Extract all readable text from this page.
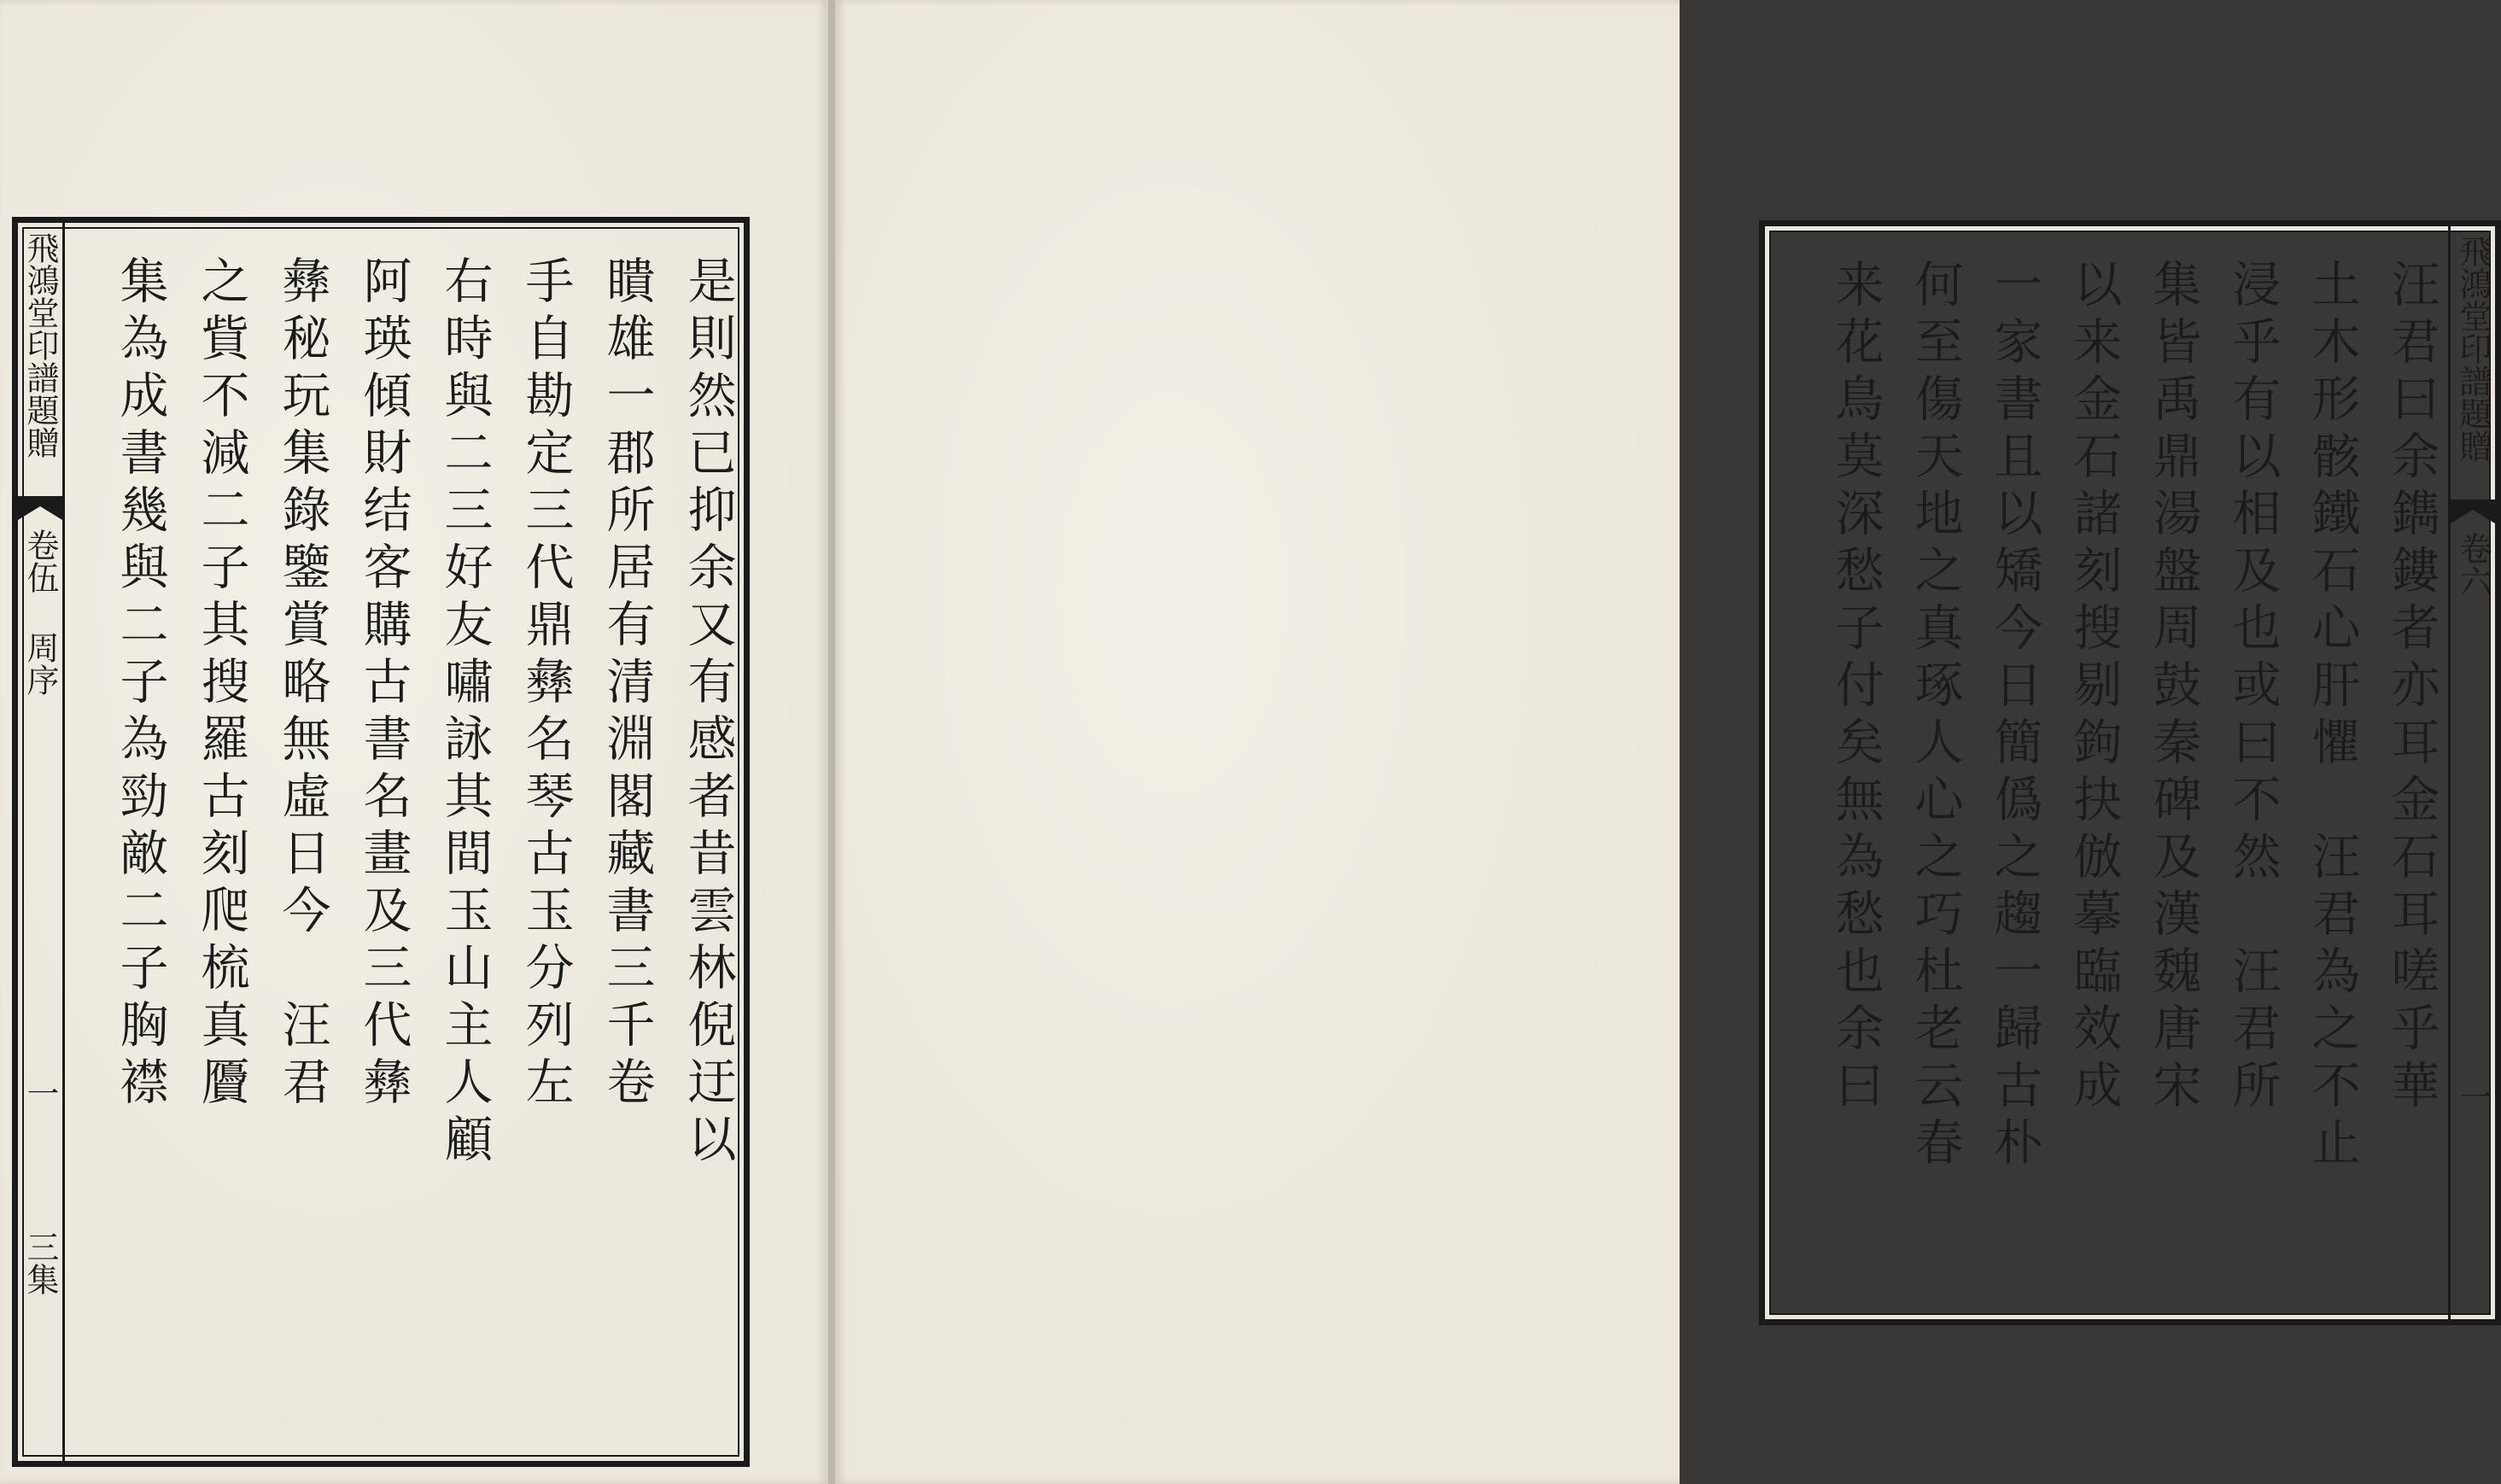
飛鴻堂印譜題贈
卷伍 周序
一
三集
是則然已抑余又有感者昔雲林倪迂以
瞶雄一郡所居有清淵閣藏書三千卷
手自勘定三代鼎彝名琴古玉分列左
右時與二三好友嘯詠其間玉山主人顧
阿瑛傾財结客購古書名畫及三代彝
彝秘玩集錄鑒賞略無虛日今　汪君
之貲不減二子其搜羅古刻爬梳真贗
集為成書幾與二子為勁敵二子胸襟	飛鴻堂印譜題贈
卷六
一
汪君曰余鐫鏤者亦耳金石耳嗟乎華
土木形骸鐵石心肝懼　汪君為之不止
浸乎有以相及也或曰不然　汪君所
集皆禹鼎湯盤周鼓秦碑及漢魏唐宋
以来金石諸刻搜剔鉤抉倣摹臨效成
一家書且以矯今日簡僞之趨一歸古朴
何至傷天地之真琢人心之巧杜老云春
来花鳥莫深愁子付矣無為愁也余曰
